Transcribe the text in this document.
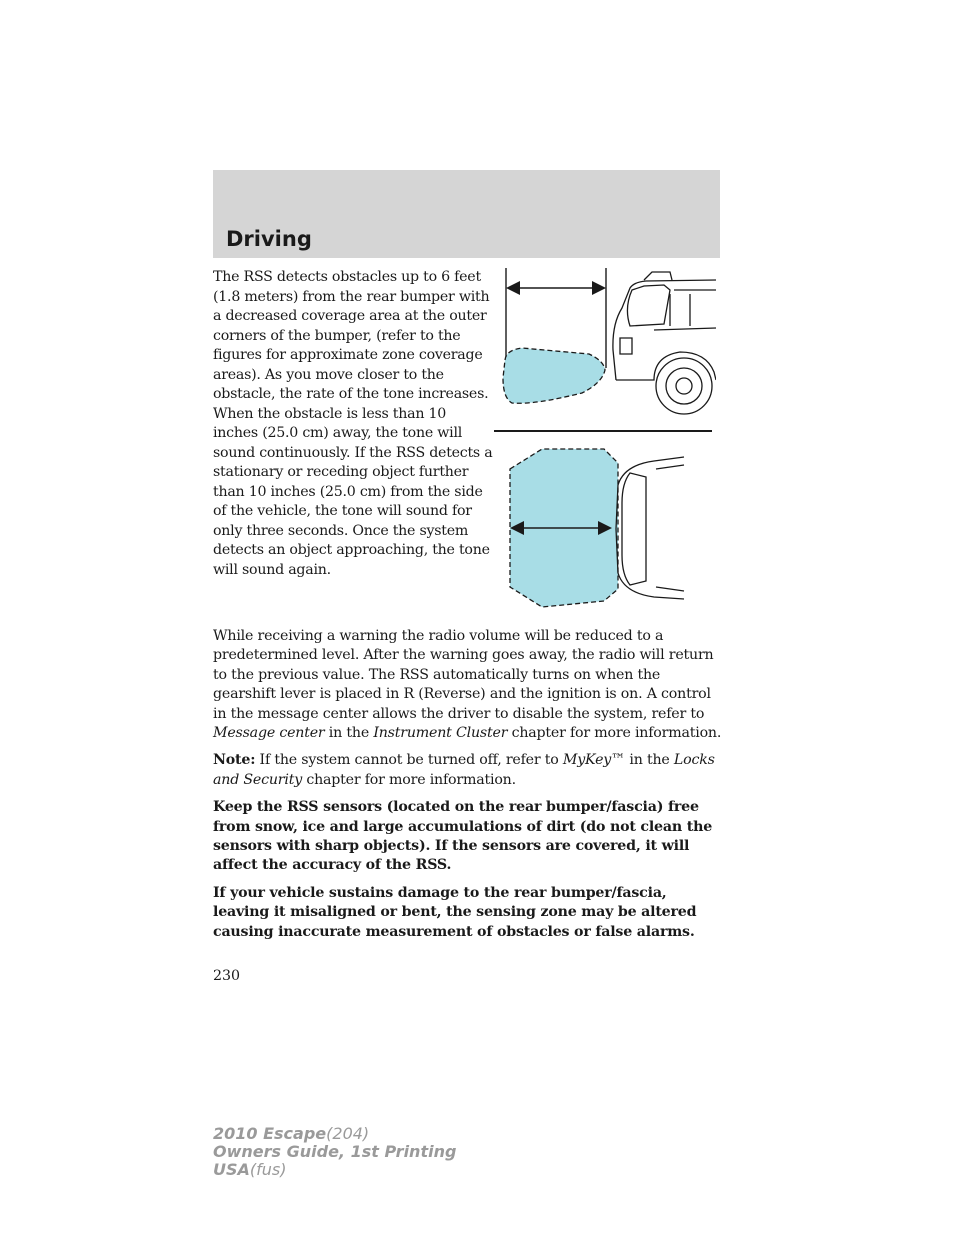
Driving

The RSS detects obstacles up to 6 feet (1.8 meters) from the rear bumper with a decreased coverage area at the outer corners of the bumper, (refer to the figures for approximate zone coverage areas). As you move closer to the obstacle, the rate of the tone increases. When the obstacle is less than 10 inches (25.0 cm) away, the tone will sound continuously. If the RSS detects a stationary or receding object further than 10 inches (25.0 cm) from the side of the vehicle, the tone will sound for only three seconds. Once the system detects an object approaching, the tone will sound again.

While receiving a warning the radio volume will be reduced to a predetermined level. After the warning goes away, the radio will return to the previous value. The RSS automatically turns on when the gearshift lever is placed in R (Reverse) and the ignition is on. A control in the message center allows the driver to disable the system, refer to Message center in the Instrument Cluster chapter for more information.

Note: If the system cannot be turned off, refer to MyKey™ in the Locks and Security chapter for more information.

Keep the RSS sensors (located on the rear bumper/fascia) free from snow, ice and large accumulations of dirt (do not clean the sensors with sharp objects). If the sensors are covered, it will affect the accuracy of the RSS.

If your vehicle sustains damage to the rear bumper/fascia, leaving it misaligned or bent, the sensing zone may be altered causing inaccurate measurement of obstacles or false alarms.

230

2010 Escape(204)
Owners Guide, 1st Printing
USA(fus)
